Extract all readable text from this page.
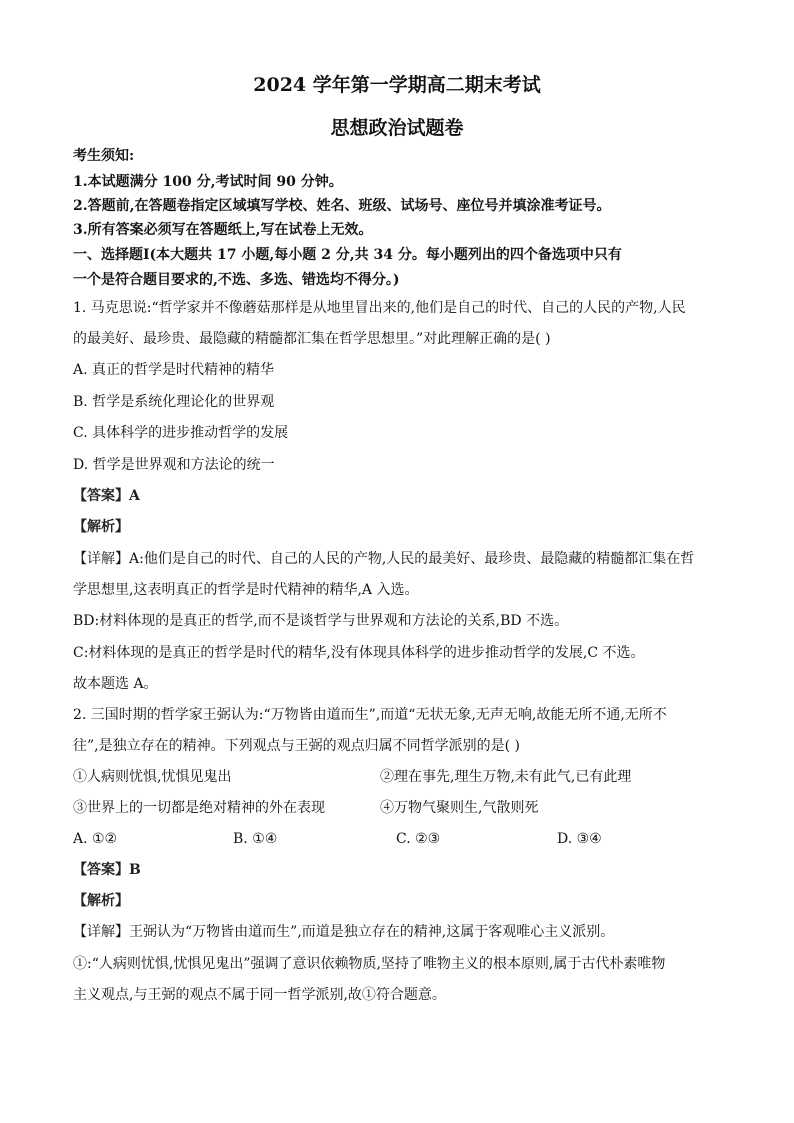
2024 学年第一学期高二期末考试
思想政治试题卷
考生须知:
1.本试题满分 100 分,考试时间 90 分钟。
2.答题前,在答题卷指定区域填写学校、姓名、班级、试场号、座位号并填涂准考证号。
3.所有答案必须写在答题纸上,写在试卷上无效。
一、选择题Ⅰ(本大题共 17 小题,每小题 2 分,共 34 分。每小题列出的四个备选项中只有
一个是符合题目要求的,不选、多选、错选均不得分。)
1. 马克思说:“哲学家并不像蘑菇那样是从地里冒出来的,他们是自己的时代、自己的人民的产物,人民
的最美好、最珍贵、最隐藏的精髓都汇集在哲学思想里。”对此理解正确的是( )
A. 真正的哲学是时代精神的精华
B. 哲学是系统化理论化的世界观
C. 具体科学的进步推动哲学的发展
D. 哲学是世界观和方法论的统一
【答案】A
【解析】
【详解】A:他们是自己的时代、自己的人民的产物,人民的最美好、最珍贵、最隐藏的精髓都汇集在哲
学思想里,这表明真正的哲学是时代精神的精华,A 入选。
BD:材料体现的是真正的哲学,而不是谈哲学与世界观和方法论的关系,BD 不选。
C:材料体现的是真正的哲学是时代的精华,没有体现具体科学的进步推动哲学的发展,C 不选。
故本题选 A。
2. 三国时期的哲学家王弼认为:“万物皆由道而生”,而道“无状无象,无声无响,故能无所不通,无所不
往”,是独立存在的精神。下列观点与王弼的观点归属不同哲学派别的是( )
①人病则忧惧,忧惧见鬼出	②理在事先,理生万物,未有此气,已有此理
③世界上的一切都是绝对精神的外在表现	④万物气聚则生,气散则死
A. ①②	B. ①④	C. ②③	D. ③④
【答案】B
【解析】
【详解】王弼认为“万物皆由道而生”,而道是独立存在的精神,这属于客观唯心主义派别。
①:“人病则忧惧,忧惧见鬼出”强调了意识依赖物质,坚持了唯物主义的根本原则,属于古代朴素唯物
主义观点,与王弼的观点不属于同一哲学派别,故①符合题意。
